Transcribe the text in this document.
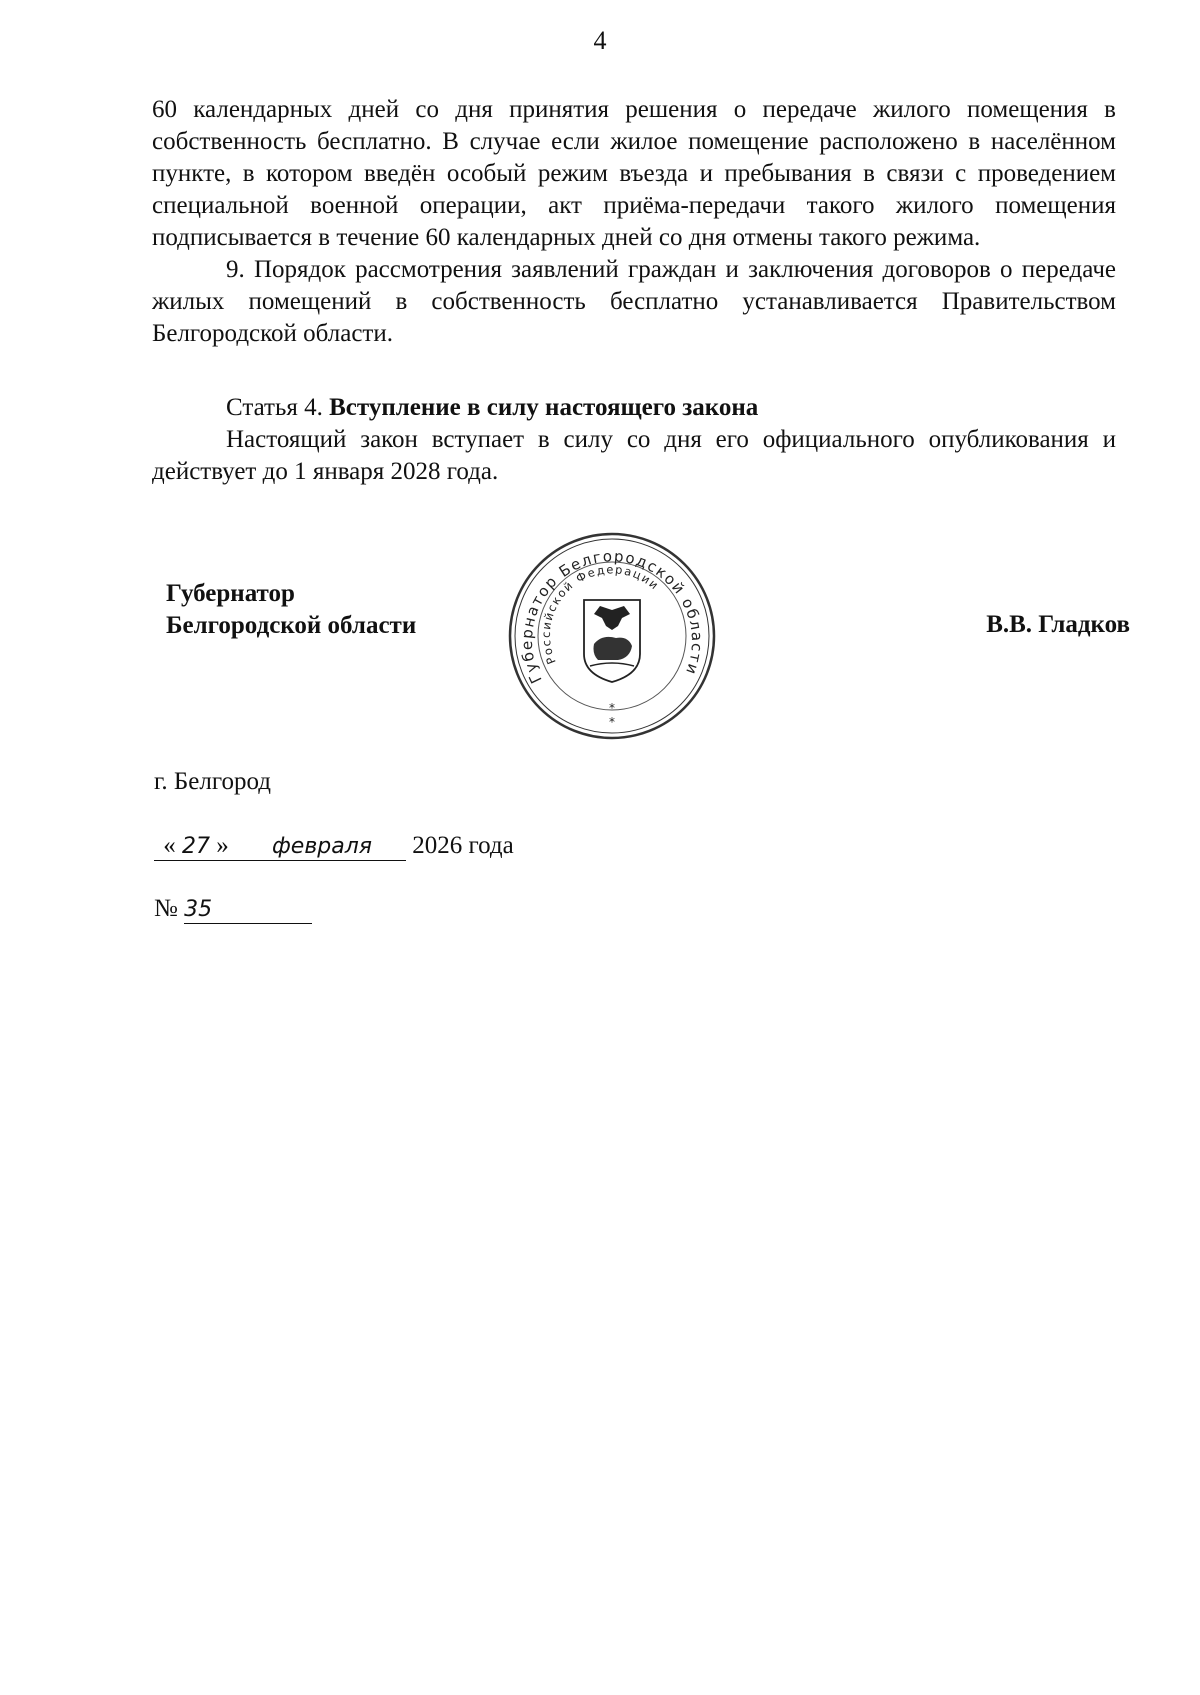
4

60 календарных дней со дня принятия решения о передаче жилого помещения в собственность бесплатно. В случае если жилое помещение расположено в населённом пункте, в котором введён особый режим въезда и пребывания в связи с проведением специальной военной операции, акт приёма-передачи такого жилого помещения подписывается в течение 60 календарных дней со дня отмены такого режима.

9. Порядок рассмотрения заявлений граждан и заключения договоров о передаче жилых помещений в собственность бесплатно устанавливается Правительством Белгородской области.

Статья 4. Вступление в силу настоящего закона

Настоящий закон вступает в силу со дня его официального опубликования и действует до 1 января 2028 года.

Губернатор
Белгородской области
Губернатор Белгородской области
Российской Федерации
*
*
В.В. Гладков
г. Белгород
« 27 » февраля 2026 года
№ 35
